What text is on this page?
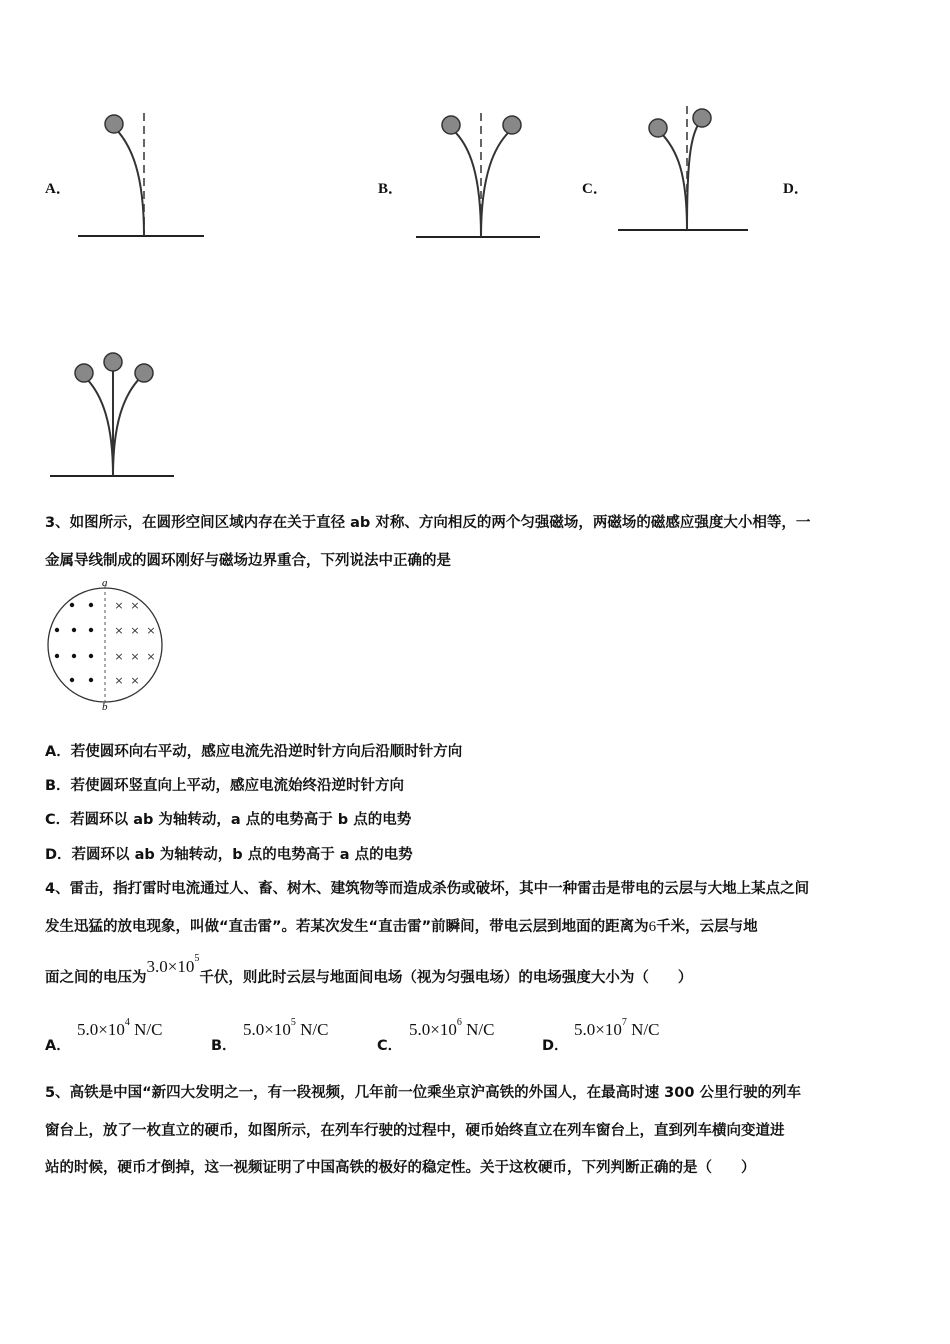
A．	B．	C．	D．
3、如图所示，在圆形空间区域内存在关于直径 ab 对称、方向相反的两个匀强磁场，两磁场的磁感应强度大小相等，一
金属导线制成的圆环刚好与磁场边界重合，下列说法中正确的是
× ×
× × ×
× × ×
× ×
a
b
A．若使圆环向右平动，感应电流先沿逆时针方向后沿顺时针方向
B．若使圆环竖直向上平动，感应电流始终沿逆时针方向
C．若圆环以 ab 为轴转动，a 点的电势高于 b 点的电势
D．若圆环以 ab 为轴转动，b 点的电势高于 a 点的电势
4、雷击，指打雷时电流通过人、畜、树木、建筑物等而造成杀伤或破坏，其中一种雷击是带电的云层与大地上某点之间
发生迅猛的放电现象，叫做“直击雷”。若某次发生“直击雷”前瞬间，带电云层到地面的距离为6千米，云层与地
面之间的电压为$3.0\times 10^5$千伏，则此时云层与地面间电场（视为匀强电场）的电场强度大小为（　　）
A．
$5.0\times 10^4$ N/C
B．
$5.0\times 10^5$ N/C
C．
$5.0\times 10^6$ N/C
D．
$5.0\times 10^7$ N/C
5、高铁是中国“新四大发明之一，有一段视频，几年前一位乘坐京沪高铁的外国人，在最高时速 300 公里行驶的列车
窗台上，放了一枚直立的硬币，如图所示，在列车行驶的过程中，硬币始终直立在列车窗台上，直到列车横向变道进
站的时候，硬币才倒掉，这一视频证明了中国高铁的极好的稳定性。关于这枚硬币，下列判断正确的是（　　）
